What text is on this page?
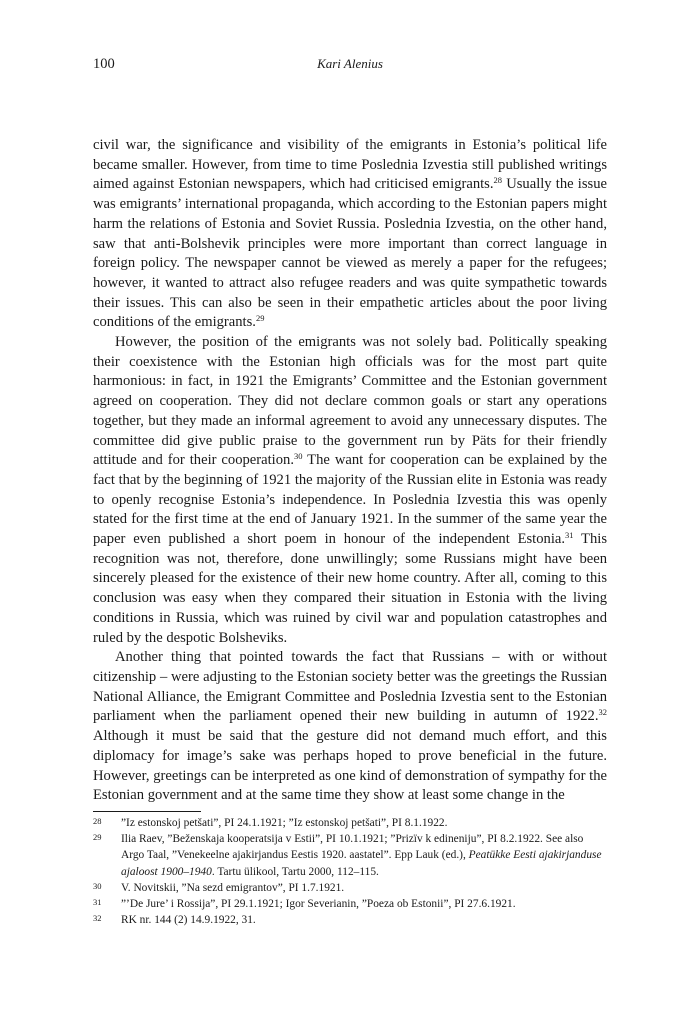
100	Kari Alenius

civil war, the significance and visibility of the emigrants in Estonia’s political life became smaller. However, from time to time Poslednia Izvestia still published writings aimed against Estonian newspapers, which had criticised emigrants.$^{28}$ Usually the issue was emigrants’ international propaganda, which according to the Estonian papers might harm the relations of Estonia and Soviet Russia. Poslednia Izvestia, on the other hand, saw that anti-Bolshevik principles were more important than correct language in foreign policy. The newspaper cannot be viewed as merely a paper for the refugees; however, it wanted to attract also refugee readers and was quite sympathetic towards their issues. This can also be seen in their empathetic articles about the poor living conditions of the emigrants.$^{29}$

However, the position of the emigrants was not solely bad. Politically speaking their coexistence with the Estonian high officials was for the most part quite harmonious: in fact, in 1921 the Emigrants’ Committee and the Estonian government agreed on cooperation. They did not declare common goals or start any operations together, but they made an informal agreement to avoid any unnecessary disputes. The committee did give public praise to the government run by Päts for their friendly attitude and for their cooperation.$^{30}$ The want for cooperation can be explained by the fact that by the beginning of 1921 the majority of the Russian elite in Estonia was ready to openly recognise Estonia’s independence. In Poslednia Izvestia this was openly stated for the first time at the end of January 1921. In the summer of the same year the paper even published a short poem in honour of the independent Estonia.$^{31}$ This recognition was not, therefore, done unwillingly; some Russians might have been sincerely pleased for the existence of their new home country. After all, coming to this conclusion was easy when they compared their situation in Estonia with the living conditions in Russia, which was ruined by civil war and population catastrophes and ruled by the despotic Bolsheviks.

Another thing that pointed towards the fact that Russians – with or without citizenship – were adjusting to the Estonian society better was the greetings the Russian National Alliance, the Emigrant Committee and Poslednia Izvestia sent to the Estonian parliament when the parliament opened their new building in autumn of 1922.32 Although it must be said that the gesture did not demand much effort, and this diplomacy for image’s sake was perhaps hoped to prove beneficial in the future. However, greetings can be interpreted as one kind of demonstration of sympathy for the Estonian government and at the same time they show at least some change in the

28 ”Iz estonskoj petšati”, PI 24.1.1921; ”Iz estonskoj petšati”, PI 8.1.1922.
29 Ilia Raev, ”Beženskaja kooperatsija v Estii”, PI 10.1.1921; ”Prizïv k edineniju”, PI 8.2.1922. See also Argo Taal, ”Venekeelne ajakirjandus Eestis 1920. aastatel”. Epp Lauk (ed.), Peatükke Eesti ajakirjanduse ajaloost 1900–1940. Tartu ülikool, Tartu 2000, 112–115.
30 V. Novitskii, ”Na sezd emigrantov”, PI 1.7.1921.
31 ”’De Jure’ i Rossija”, PI 29.1.1921; Igor Severianin, ”Poeza ob Estonii”, PI 27.6.1921.
32 RK nr. 144 (2) 14.9.1922, 31.
